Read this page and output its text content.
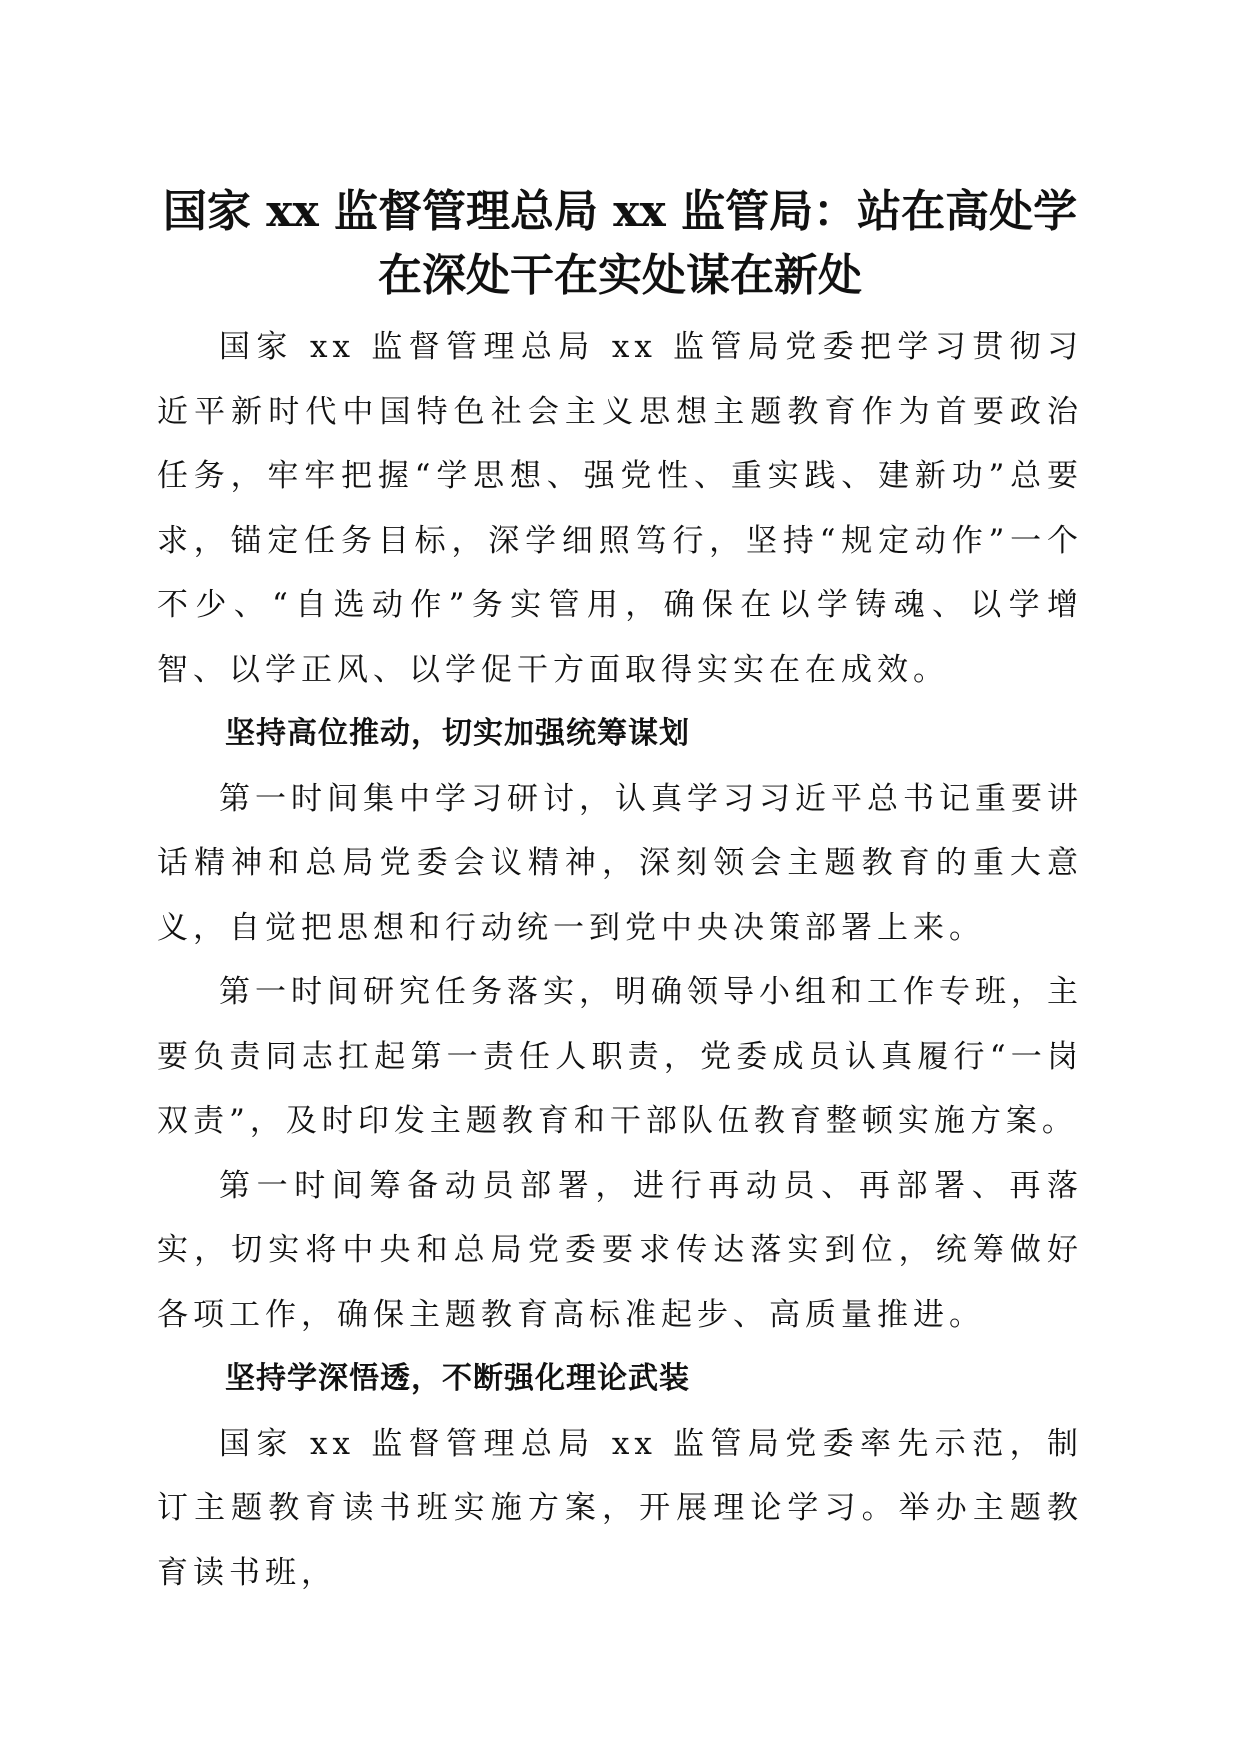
国家 xx 监督管理总局 xx 监管局：站在高处学
在深处干在实处谋在新处

国家 xx 监督管理总局 xx 监管局党委把学习贯彻习近平新时代中国特色社会主义思想主题教育作为首要政治任务，牢牢把握“学思想、强党性、重实践、建新功”总要求，锚定任务目标，深学细照笃行，坚持“规定动作”一个不少、“自选动作”务实管用，确保在以学铸魂、以学增智、以学正风、以学促干方面取得实实在在成效。

坚持高位推动，切实加强统筹谋划

第一时间集中学习研讨，认真学习习近平总书记重要讲话精神和总局党委会议精神，深刻领会主题教育的重大意义，自觉把思想和行动统一到党中央决策部署上来。

第一时间研究任务落实，明确领导小组和工作专班，主要负责同志扛起第一责任人职责，党委成员认真履行“一岗双责”，及时印发主题教育和干部队伍教育整顿实施方案。

第一时间筹备动员部署，进行再动员、再部署、再落实，切实将中央和总局党委要求传达落实到位，统筹做好各项工作，确保主题教育高标准起步、高质量推进。

坚持学深悟透，不断强化理论武装

国家 xx 监督管理总局 xx 监管局党委率先示范，制订主题教育读书班实施方案，开展理论学习。举办主题教育读书班，
